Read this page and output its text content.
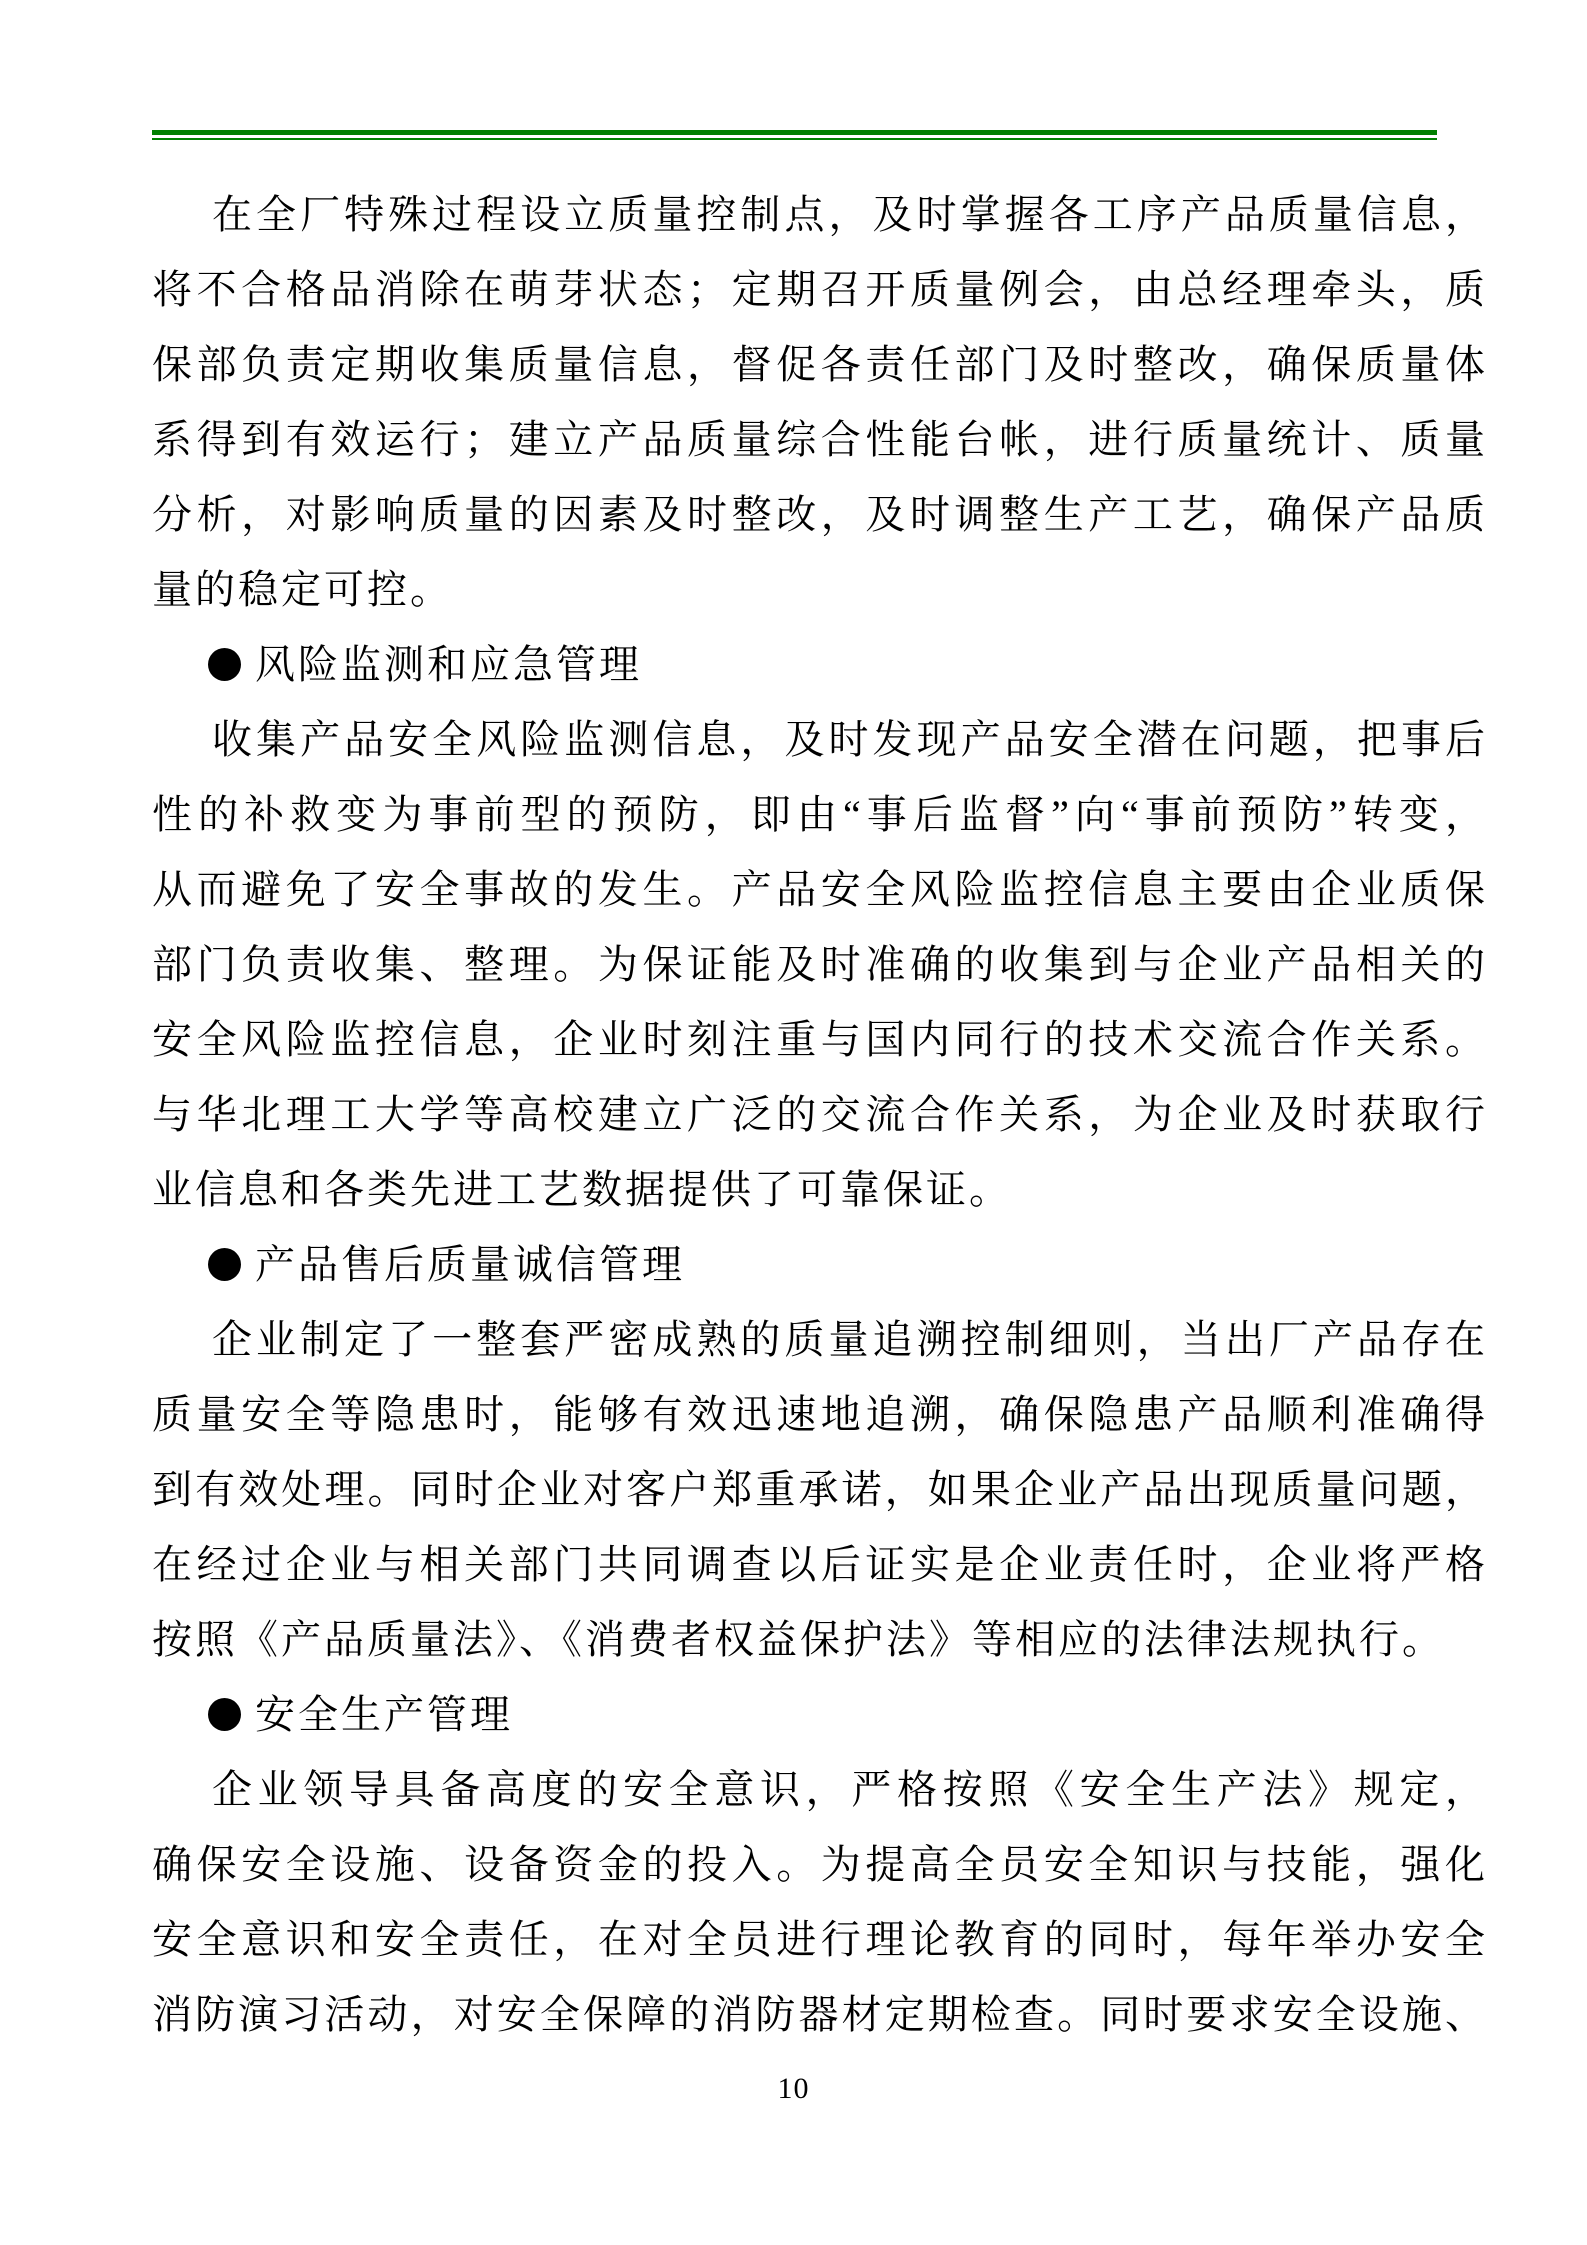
在全厂特殊过程设立质量控制点，及时掌握各工序产品质量信息，
将不合格品消除在萌芽状态；定期召开质量例会，由总经理牵头，质
保部负责定期收集质量信息，督促各责任部门及时整改，确保质量体
系得到有效运行；建立产品质量综合性能台帐，进行质量统计、质量
分析，对影响质量的因素及时整改，及时调整生产工艺，确保产品质
量的稳定可控。
风险监测和应急管理
收集产品安全风险监测信息，及时发现产品安全潜在问题，把事后
性的补救变为事前型的预防，即由“事后监督”向“事前预防”转变，
从而避免了安全事故的发生。产品安全风险监控信息主要由企业质保
部门负责收集、整理。为保证能及时准确的收集到与企业产品相关的
安全风险监控信息，企业时刻注重与国内同行的技术交流合作关系。
与华北理工大学等高校建立广泛的交流合作关系，为企业及时获取行
业信息和各类先进工艺数据提供了可靠保证。
产品售后质量诚信管理
企业制定了一整套严密成熟的质量追溯控制细则，当出厂产品存在
质量安全等隐患时，能够有效迅速地追溯，确保隐患产品顺利准确得
到有效处理。同时企业对客户郑重承诺，如果企业产品出现质量问题，
在经过企业与相关部门共同调查以后证实是企业责任时，企业将严格
按照《产品质量法》、《消费者权益保护法》等相应的法律法规执行。
安全生产管理
企业领导具备高度的安全意识，严格按照《安全生产法》规定，
确保安全设施、设备资金的投入。为提高全员安全知识与技能，强化
安全意识和安全责任，在对全员进行理论教育的同时，每年举办安全
消防演习活动，对安全保障的消防器材定期检查。同时要求安全设施、
10
